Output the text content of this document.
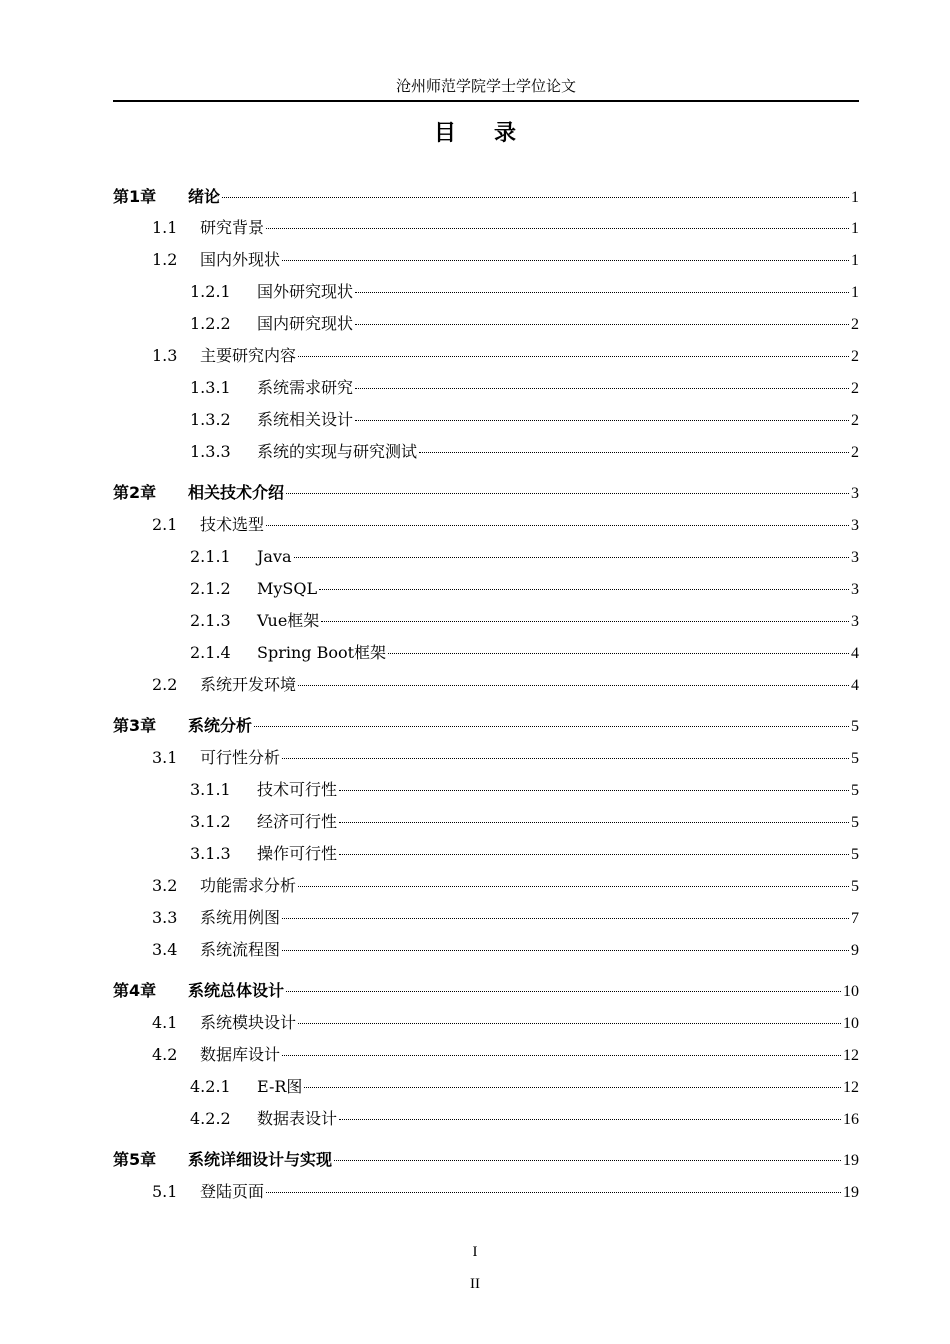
沧州师范学院学士学位论文
目录
第1章	绪论	1
1.1	研究背景	1
1.2	国内外现状	1
1.2.1	国外研究现状	1
1.2.2	国内研究现状	2
1.3	主要研究内容	2
1.3.1	系统需求研究	2
1.3.2	系统相关设计	2
1.3.3	系统的实现与研究测试	2
第2章	相关技术介绍	3
2.1	技术选型	3
2.1.1	Java	3
2.1.2	MySQL	3
2.1.3	Vue框架	3
2.1.4	Spring Boot框架	4
2.2	系统开发环境	4
第3章	系统分析	5
3.1	可行性分析	5
3.1.1	技术可行性	5
3.1.2	经济可行性	5
3.1.3	操作可行性	5
3.2	功能需求分析	5
3.3	系统用例图	7
3.4	系统流程图	9
第4章	系统总体设计	10
4.1	系统模块设计	10
4.2	数据库设计	12
4.2.1	E-R图	12
4.2.2	数据表设计	16
第5章	系统详细设计与实现	19
5.1	登陆页面	19
I
II
